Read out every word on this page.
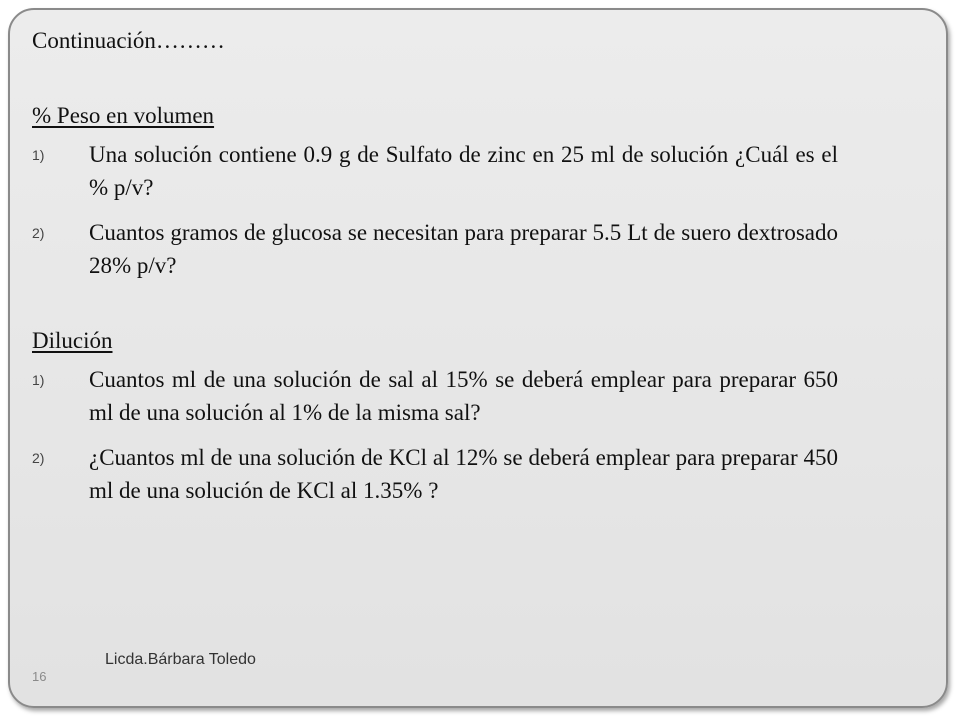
Continuación………

% Peso en volumen
1) Una solución contiene 0.9 g de Sulfato de zinc en 25 ml de solución ¿Cuál es el % p/v?
2) Cuantos gramos de glucosa se necesitan para preparar 5.5 Lt de suero dextrosado 28% p/v?
Dilución
1) Cuantos ml de una solución de sal al 15% se deberá emplear para preparar 650 ml de una solución al 1% de la misma sal?
2) ¿Cuantos ml de una solución de KCl al 12% se deberá emplear para preparar 450 ml de una solución de KCl al 1.35% ?
Licda.Bárbara Toledo
16
